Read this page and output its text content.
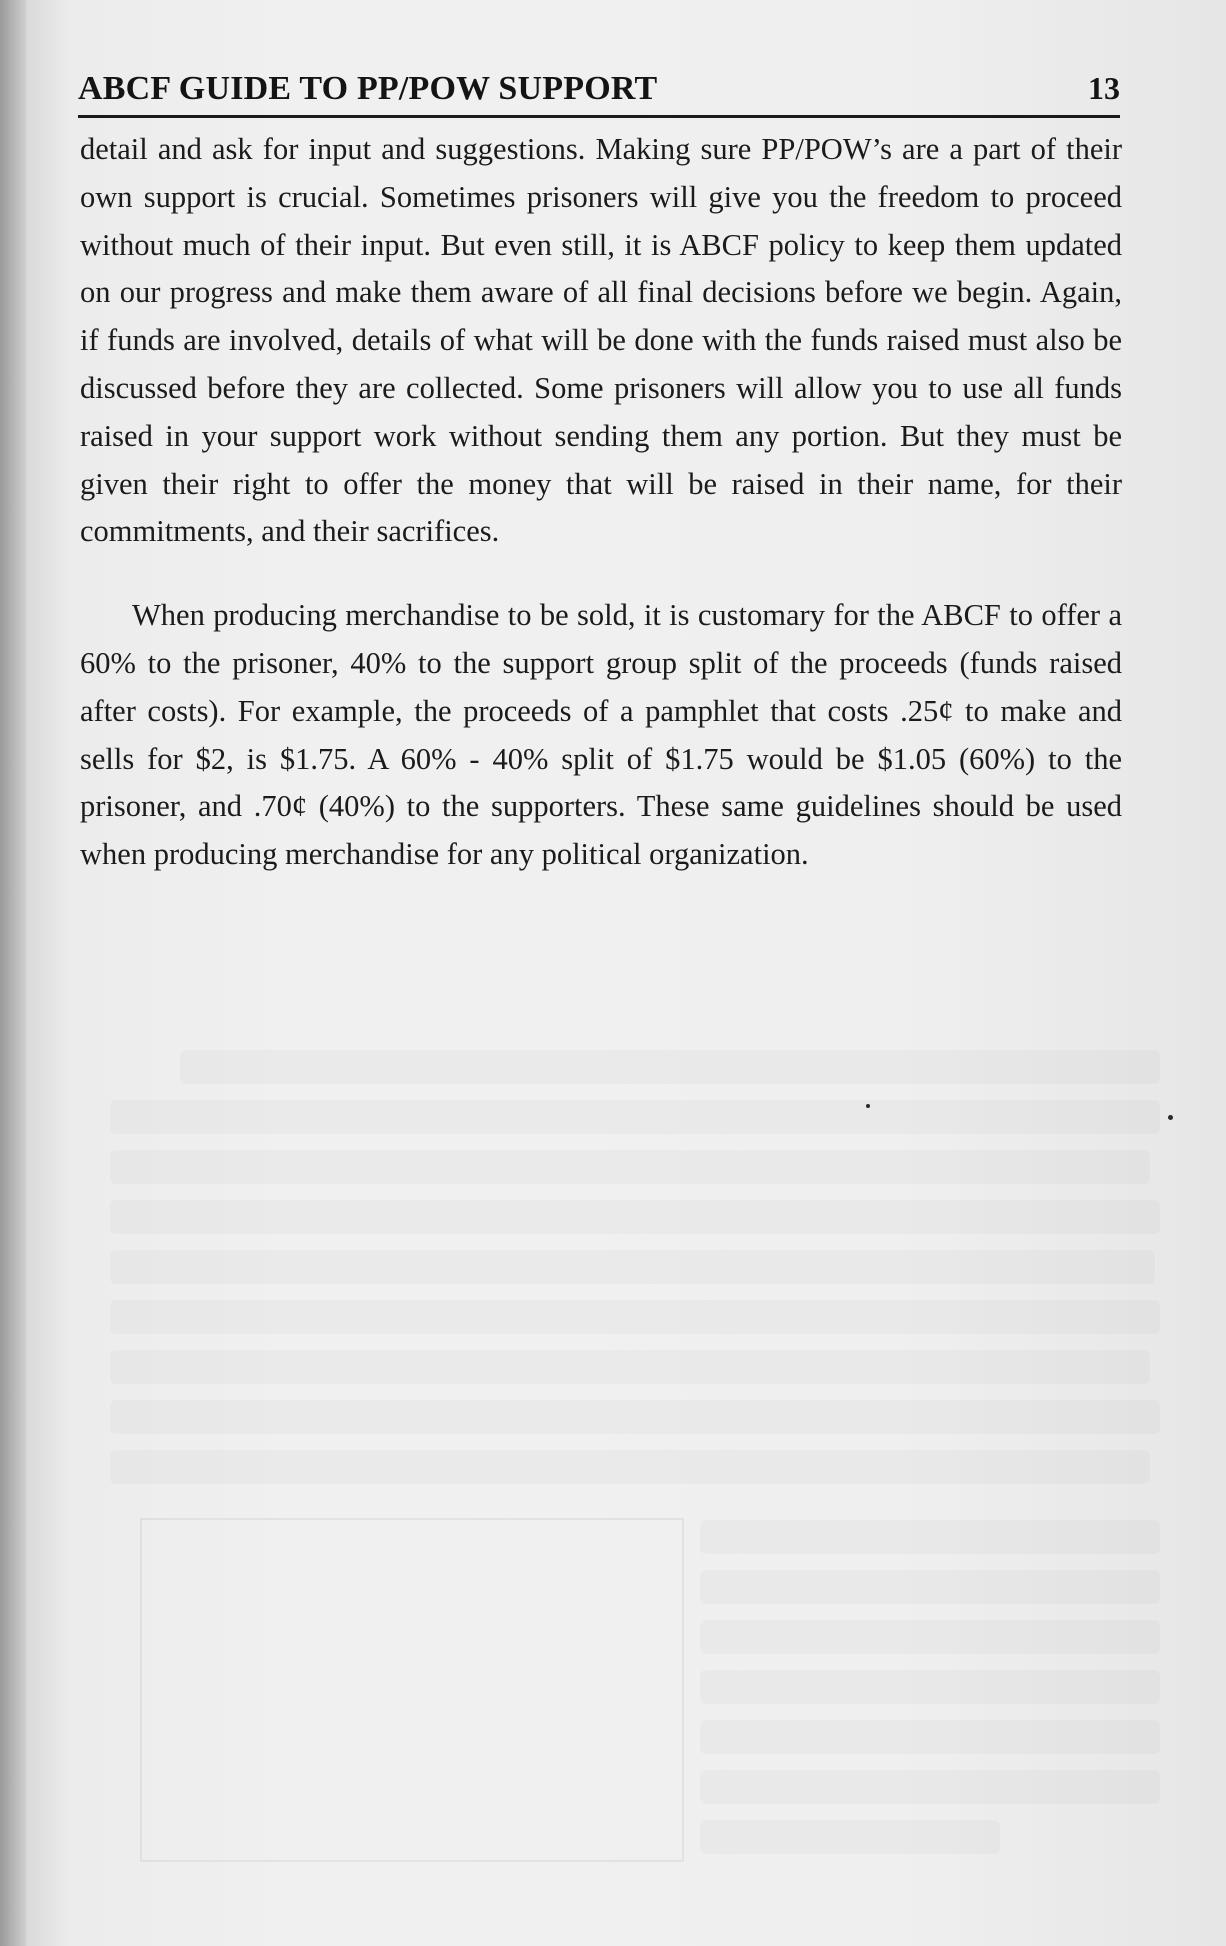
ABCF GUIDE TO PP/POW SUPPORT	13

detail and ask for input and suggestions. Making sure PP/POW’s are a part of their own support is crucial. Sometimes prisoners will give you the freedom to proceed without much of their input. But even still, it is ABCF policy to keep them updated on our progress and make them aware of all final decisions before we begin. Again, if funds are involved, details of what will be done with the funds raised must also be discussed before they are collected. Some prisoners will allow you to use all funds raised in your support work without sending them any portion. But they must be given their right to offer the money that will be raised in their name, for their commitments, and their sacrifices.

When producing merchandise to be sold, it is customary for the ABCF to offer a 60% to the prisoner, 40% to the support group split of the proceeds (funds raised after costs). For example, the proceeds of a pamphlet that costs .25¢ to make and sells for $2, is $1.75. A 60% - 40% split of $1.75 would be $1.05 (60%) to the prisoner, and .70¢ (40%) to the supporters. These same guidelines should be used when producing merchandise for any political organization.
